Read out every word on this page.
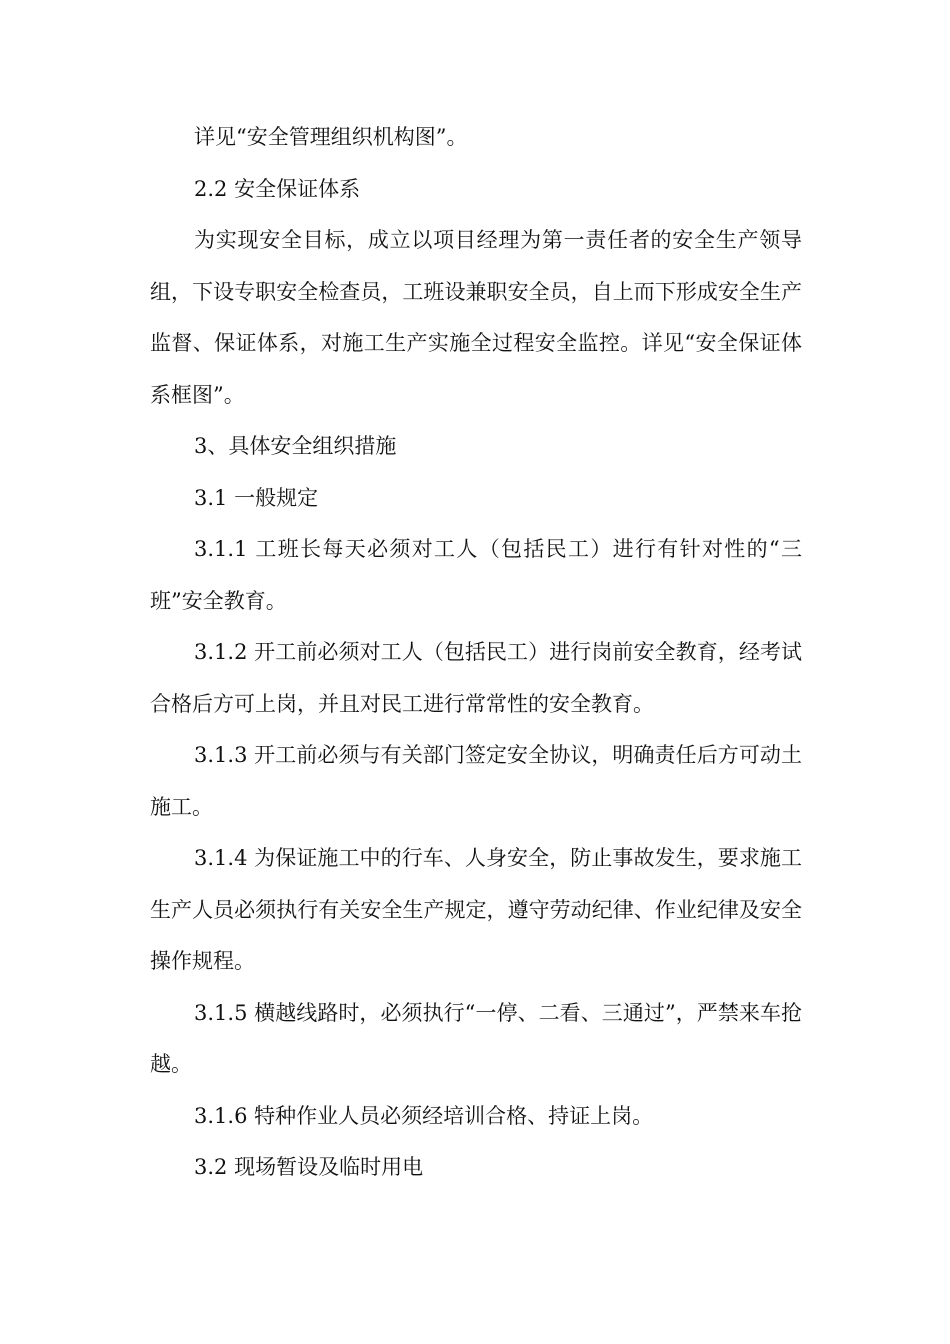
详见“安全管理组织机构图”。

2.2 安全保证体系

为实现安全目标，成立以项目经理为第一责任者的安全生产领导组，下设专职安全检查员，工班设兼职安全员，自上而下形成安全生产监督、保证体系，对施工生产实施全过程安全监控。详见“安全保证体系框图”。

3、具体安全组织措施

3.1 一般规定

3.1.1 工班长每天必须对工人（包括民工）进行有针对性的“三班”安全教育。

3.1.2 开工前必须对工人（包括民工）进行岗前安全教育，经考试合格后方可上岗，并且对民工进行常常性的安全教育。

3.1.3 开工前必须与有关部门签定安全协议，明确责任后方可动土施工。

3.1.4 为保证施工中的行车、人身安全，防止事故发生，要求施工生产人员必须执行有关安全生产规定，遵守劳动纪律、作业纪律及安全操作规程。

3.1.5 横越线路时，必须执行“一停、二看、三通过”，严禁来车抢越。

3.1.6 特种作业人员必须经培训合格、持证上岗。

3.2 现场暂设及临时用电
